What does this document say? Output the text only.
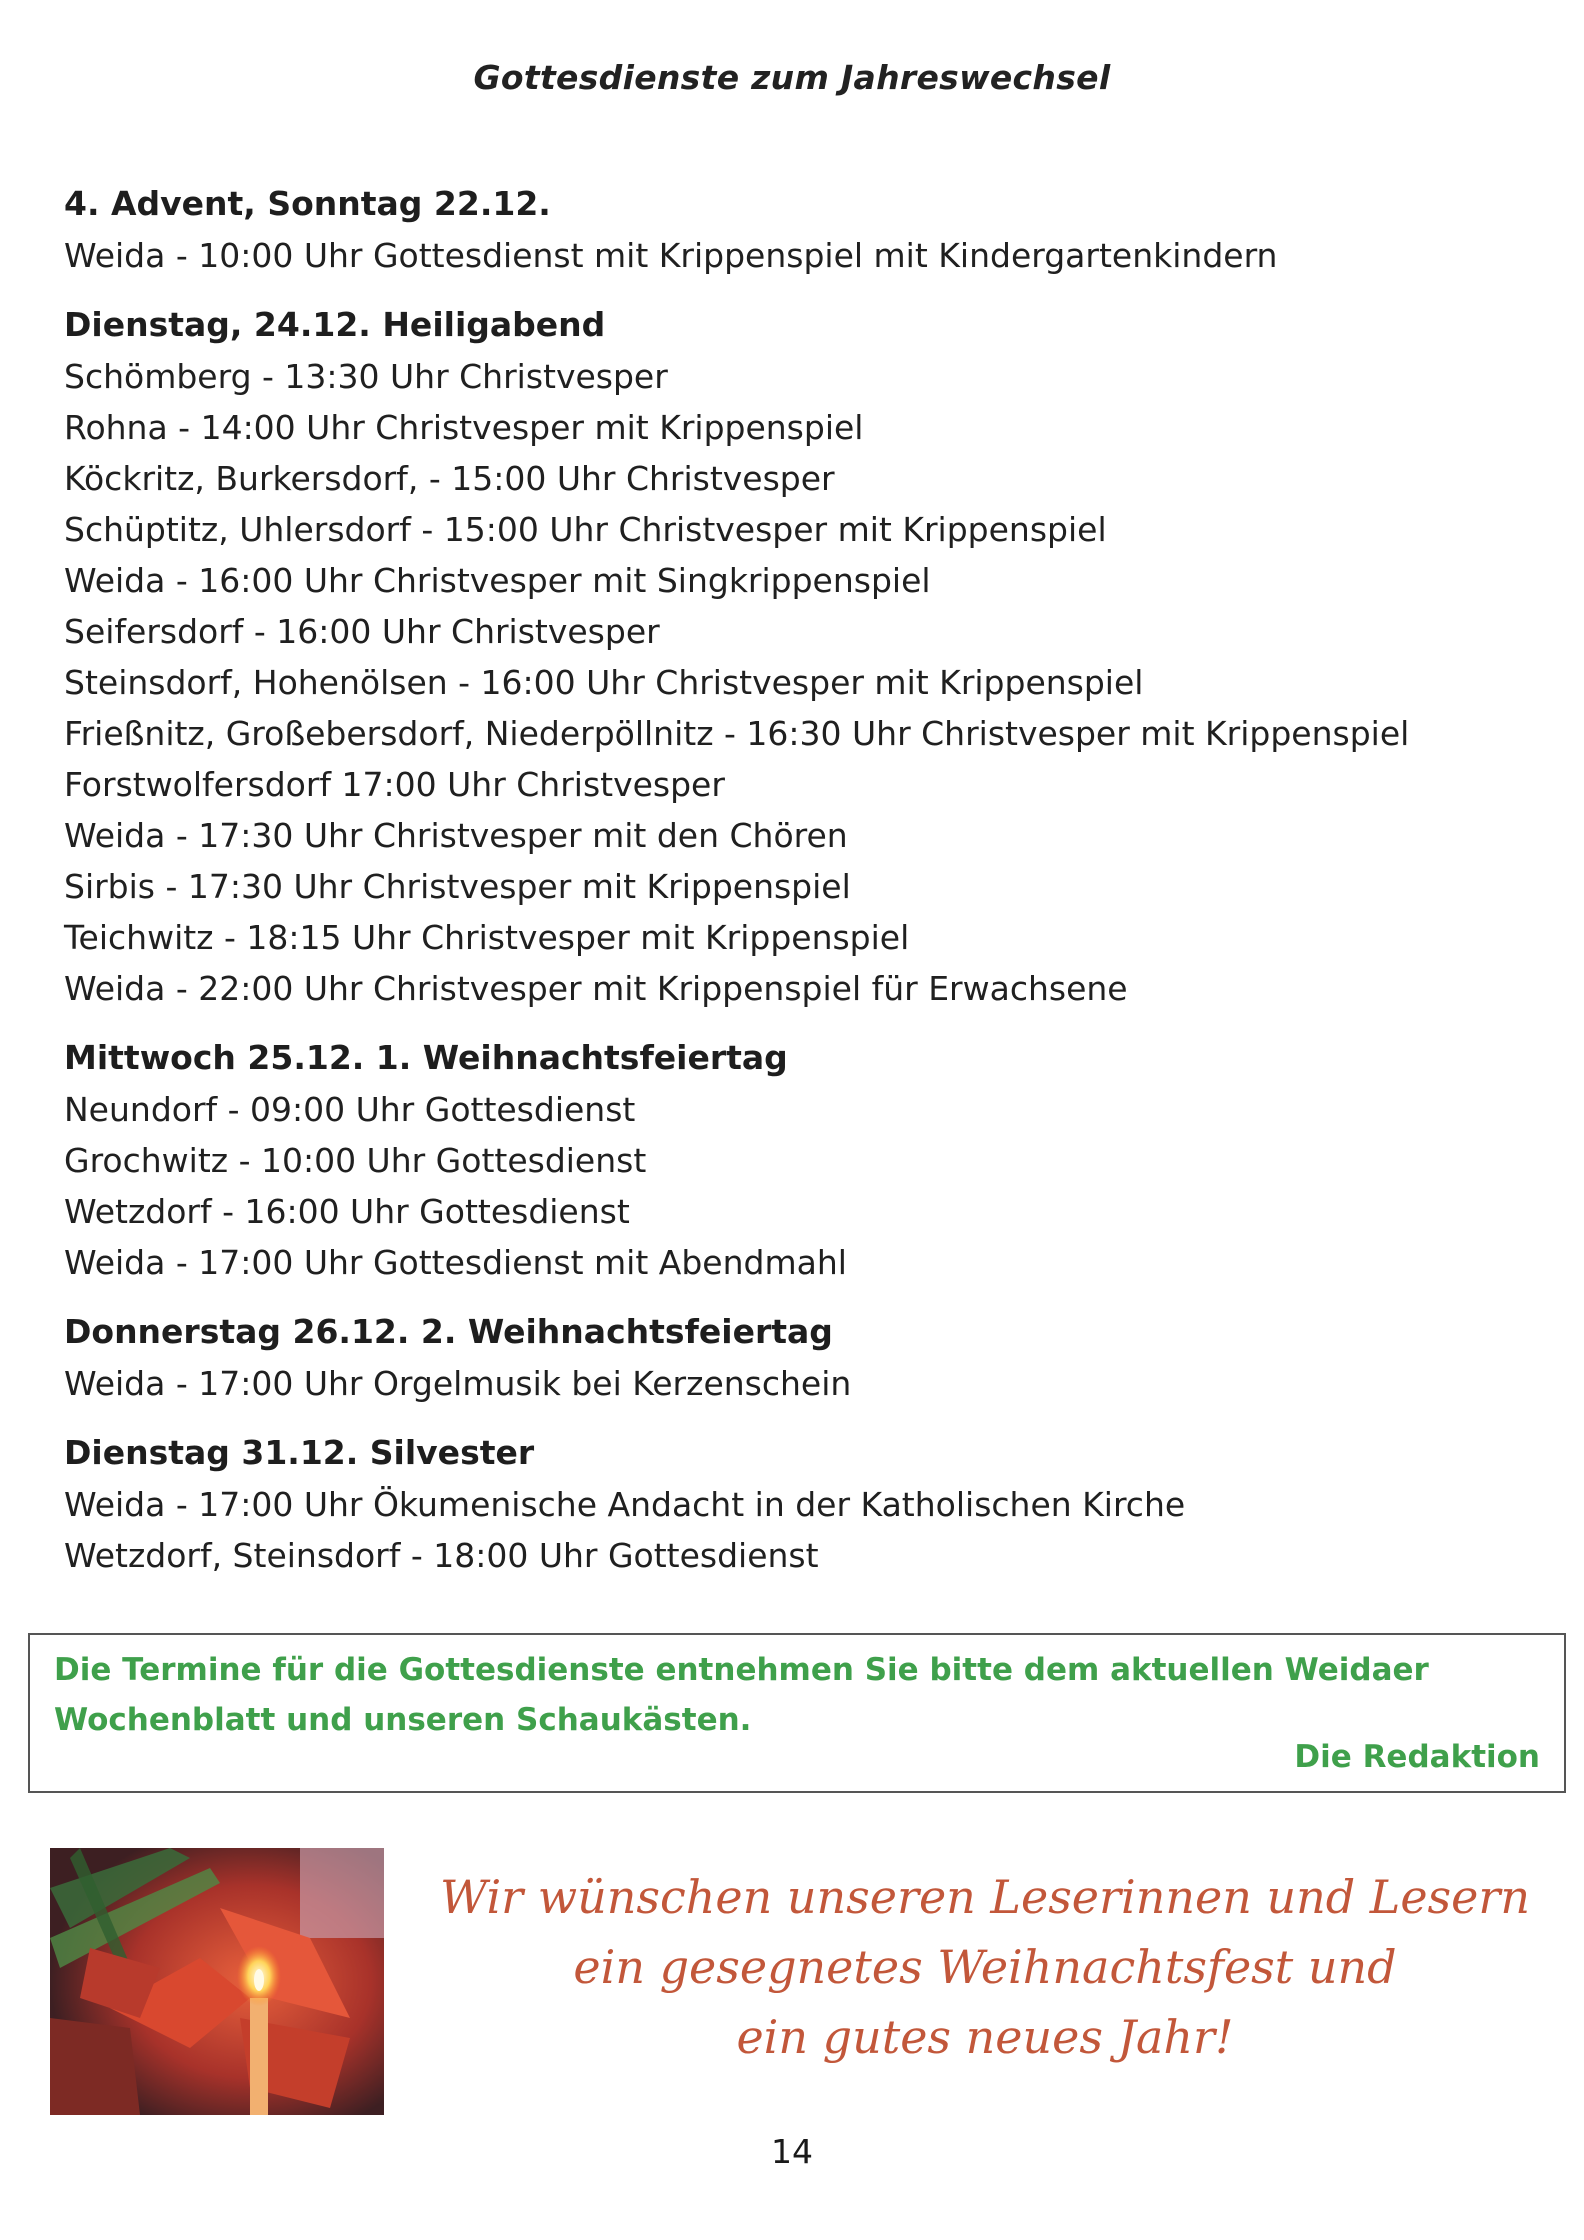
Gottesdienste zum Jahreswechsel
4. Advent, Sonntag 22.12.
Weida - 10:00 Uhr Gottesdienst mit Krippenspiel mit Kindergartenkindern
Dienstag, 24.12. Heiligabend
Schömberg - 13:30 Uhr Christvesper
Rohna - 14:00 Uhr Christvesper mit Krippenspiel
Köckritz, Burkersdorf, - 15:00 Uhr Christvesper
Schüptitz, Uhlersdorf - 15:00 Uhr Christvesper mit Krippenspiel
Weida - 16:00 Uhr Christvesper mit Singkrippenspiel
Seifersdorf - 16:00 Uhr Christvesper
Steinsdorf, Hohenölsen - 16:00 Uhr Christvesper mit Krippenspiel
Frießnitz, Großebersdorf, Niederpöllnitz - 16:30 Uhr Christvesper mit Krippenspiel
Forstwolfersdorf 17:00 Uhr Christvesper
Weida - 17:30 Uhr Christvesper mit den Chören
Sirbis - 17:30 Uhr Christvesper mit Krippenspiel
Teichwitz - 18:15 Uhr Christvesper mit Krippenspiel
Weida - 22:00 Uhr Christvesper mit Krippenspiel für Erwachsene
Mittwoch 25.12. 1. Weihnachtsfeiertag
Neundorf - 09:00 Uhr Gottesdienst
Grochwitz - 10:00 Uhr Gottesdienst
Wetzdorf - 16:00 Uhr Gottesdienst
Weida - 17:00 Uhr Gottesdienst mit Abendmahl
Donnerstag 26.12. 2. Weihnachtsfeiertag
Weida - 17:00 Uhr Orgelmusik bei Kerzenschein
Dienstag 31.12. Silvester
Weida - 17:00 Uhr Ökumenische Andacht in der Katholischen Kirche
Wetzdorf, Steinsdorf - 18:00 Uhr Gottesdienst
Die Termine für die Gottesdienste entnehmen Sie bitte dem aktuellen Weidaer Wochenblatt und unseren Schaukästen.
Die Redaktion
Wir wünschen unseren Leserinnen und Lesern
ein gesegnetes Weihnachtsfest und
ein gutes neues Jahr!
14
